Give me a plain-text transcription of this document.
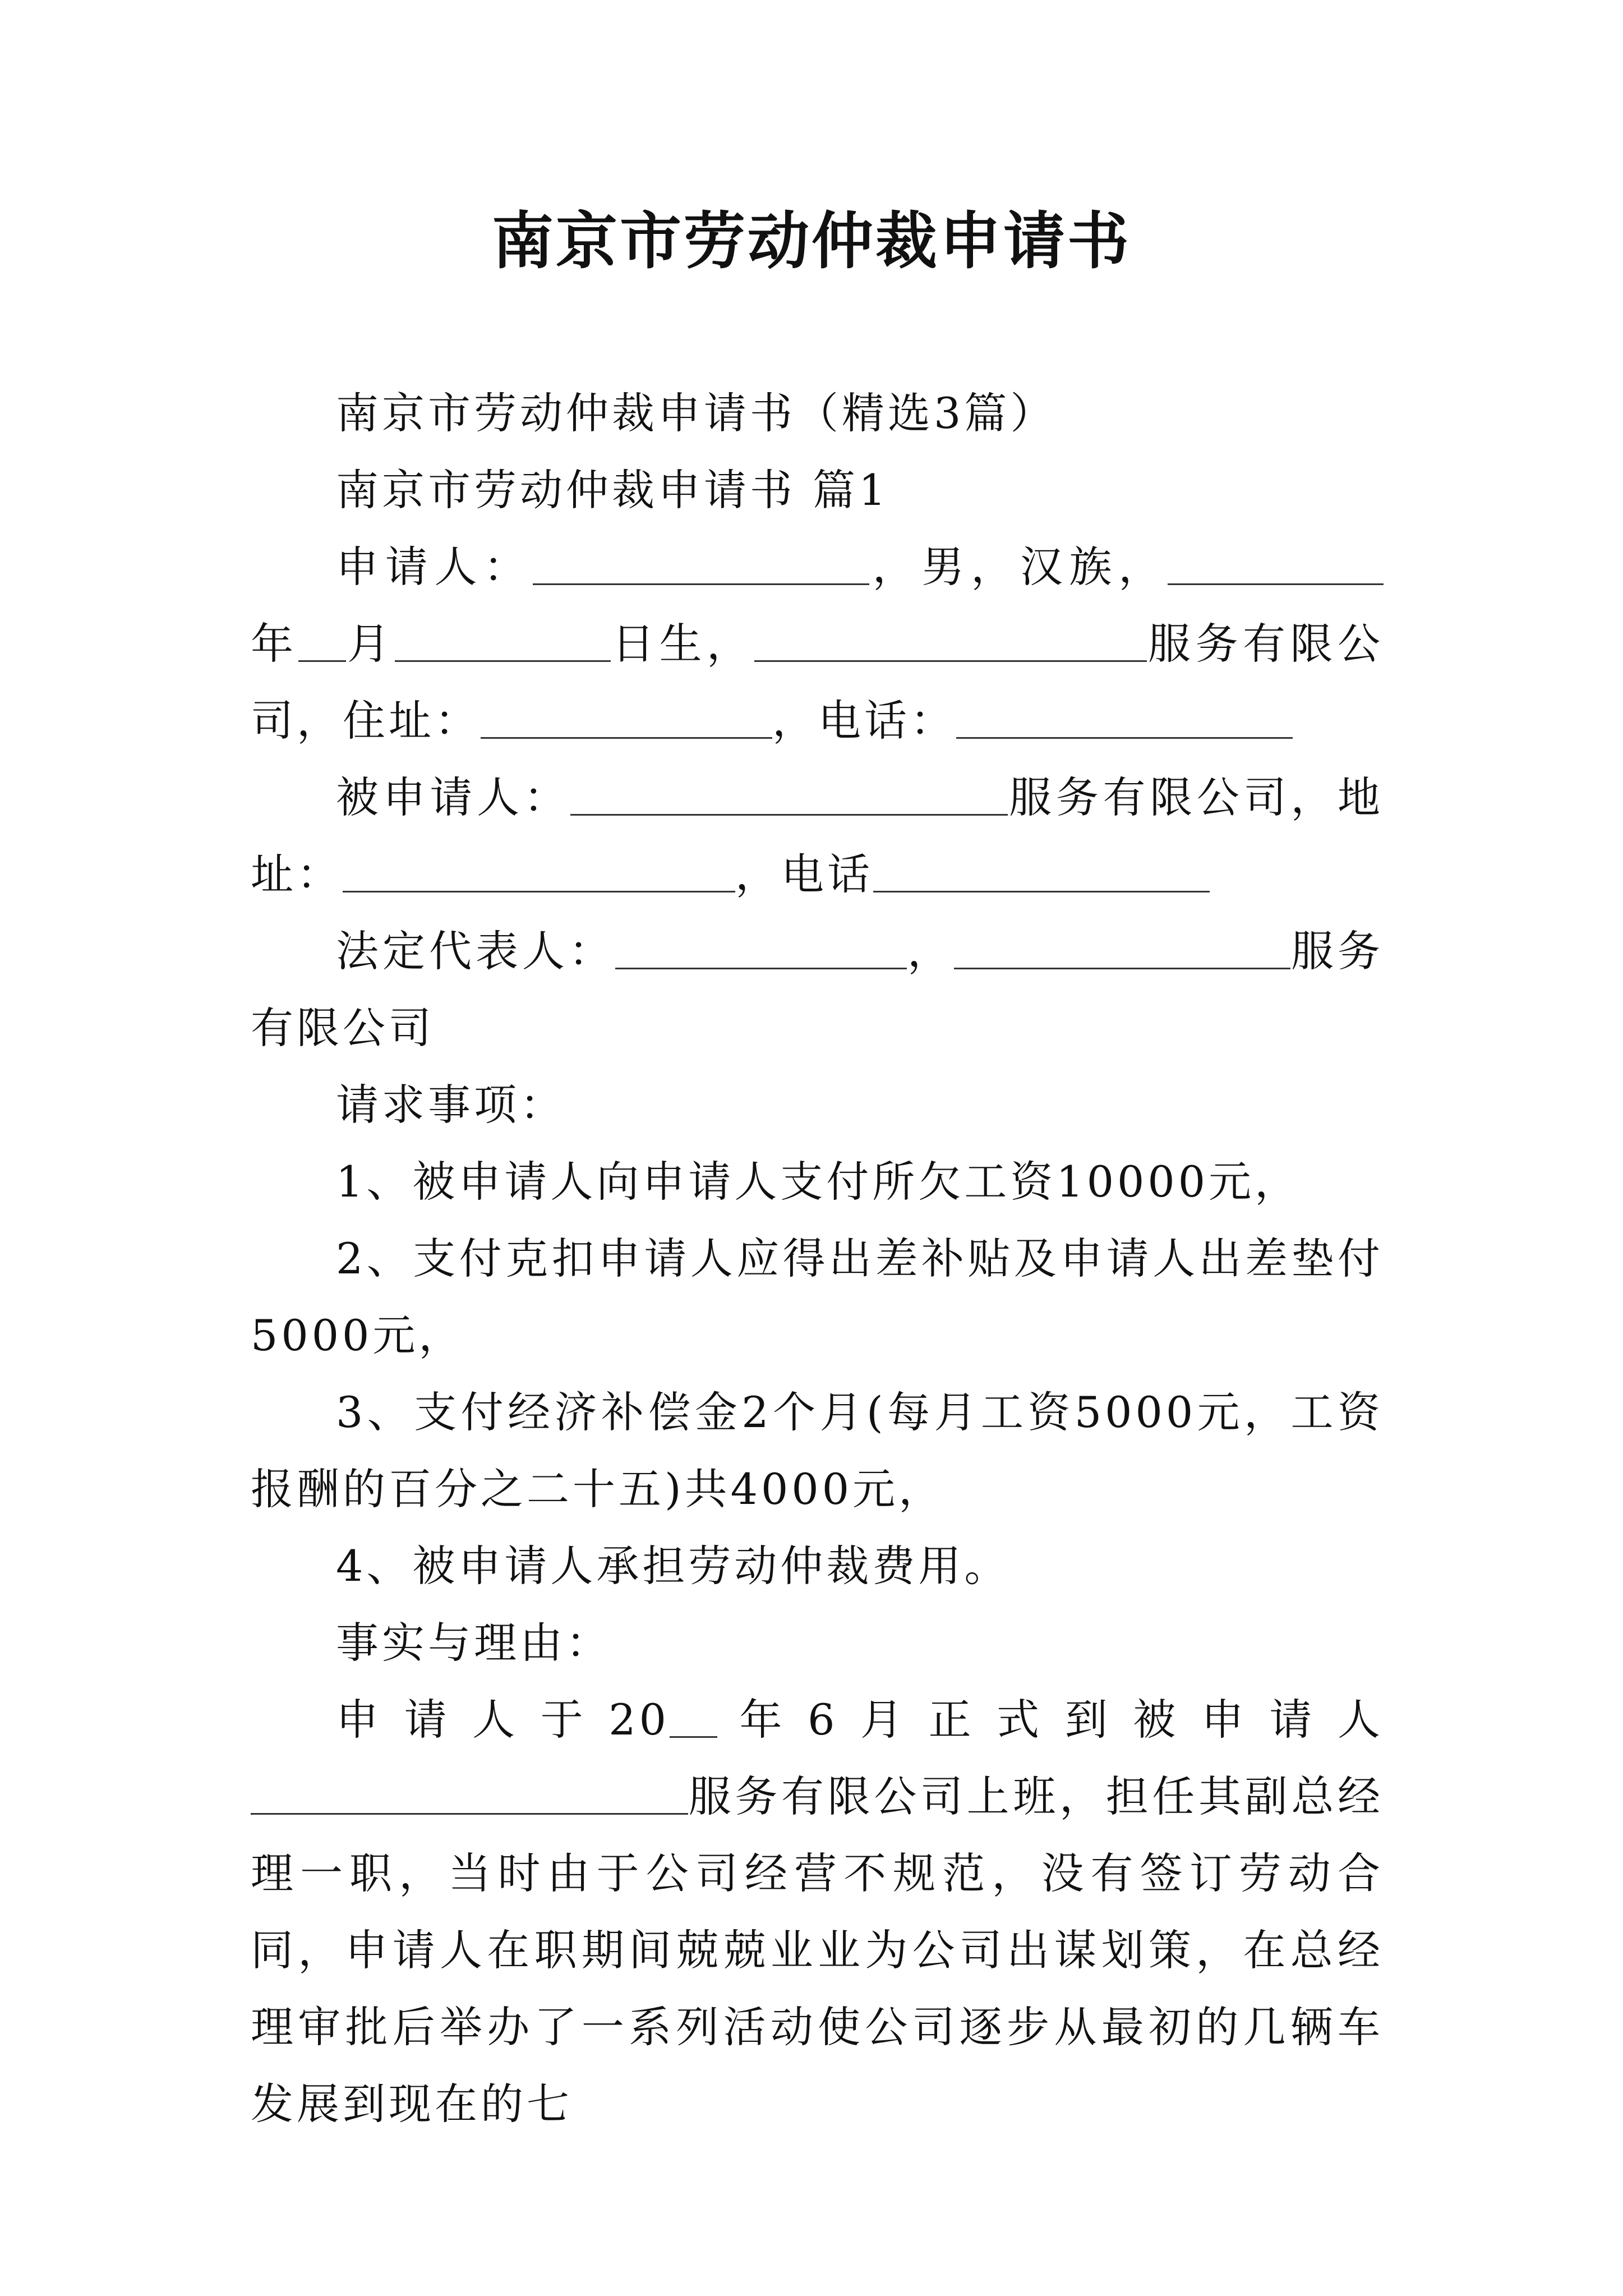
南京市劳动仲裁申请书

南京市劳动仲裁申请书（精选3篇）

南京市劳动仲裁申请书 篇1

申请人：	，男，汉族，年 月	日生，	服务有限公司，住址：	，电话：

被申请人：	服务有限公司，地址：	，电话

法定代表人：	，	服务有限公司

请求事项：

1、被申请人向申请人支付所欠工资10000元，

2、支付克扣申请人应得出差补贴及申请人出差垫付5000元，

3、支付经济补偿金2个月(每月工资5000元，工资报酬的百分之二十五)共4000元，

4、被申请人承担劳动仲裁费用。

事实与理由：

申请人于20 年6月正式到被申请人服务有限公司上班，担任其副总经理一职，当时由于公司经营不规范，没有签订劳动合同，申请人在职期间兢兢业业为公司出谋划策，在总经理审批后举办了一系列活动使公司逐步从最初的几辆车发展到现在的七
